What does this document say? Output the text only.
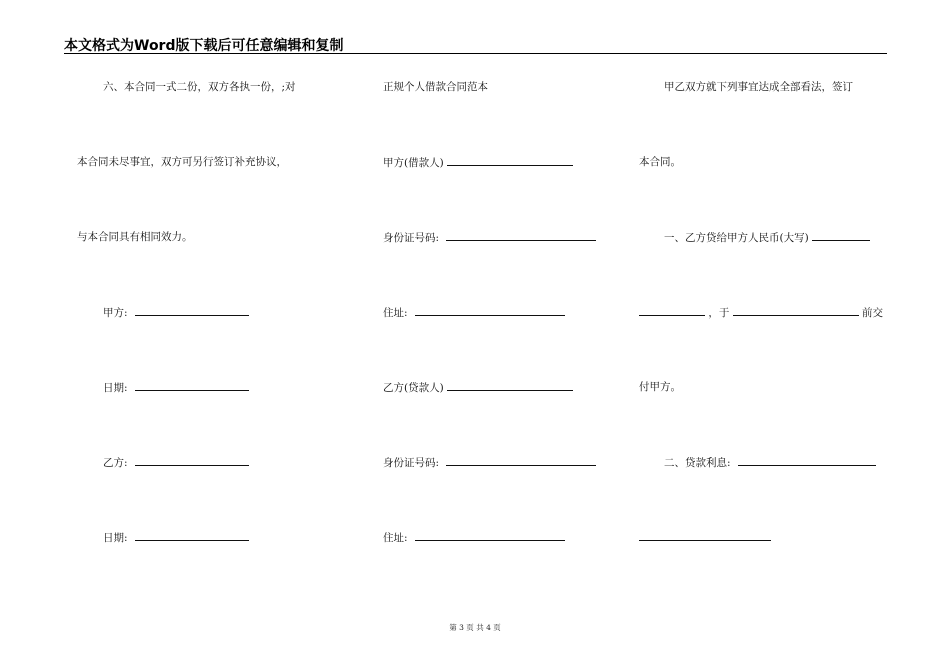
本文格式为Word版下载后可任意编辑和复制
六、本合同一式二份，双方各执一份，;对
本合同未尽事宜，双方可另行签订补充协议，
与本合同具有相同效力。
甲方:
日期:
乙方:
日期:
正规个人借款合同范本
甲方(借款人)
身份证号码:
住址:
乙方(贷款人)
身份证号码:
住址:
甲乙双方就下列事宜达成全部看法，签订
本合同。
一、乙方贷给甲方人民币(大写)
，于	前交
付甲方。
二、贷款利息:
第 3 页 共 4 页
